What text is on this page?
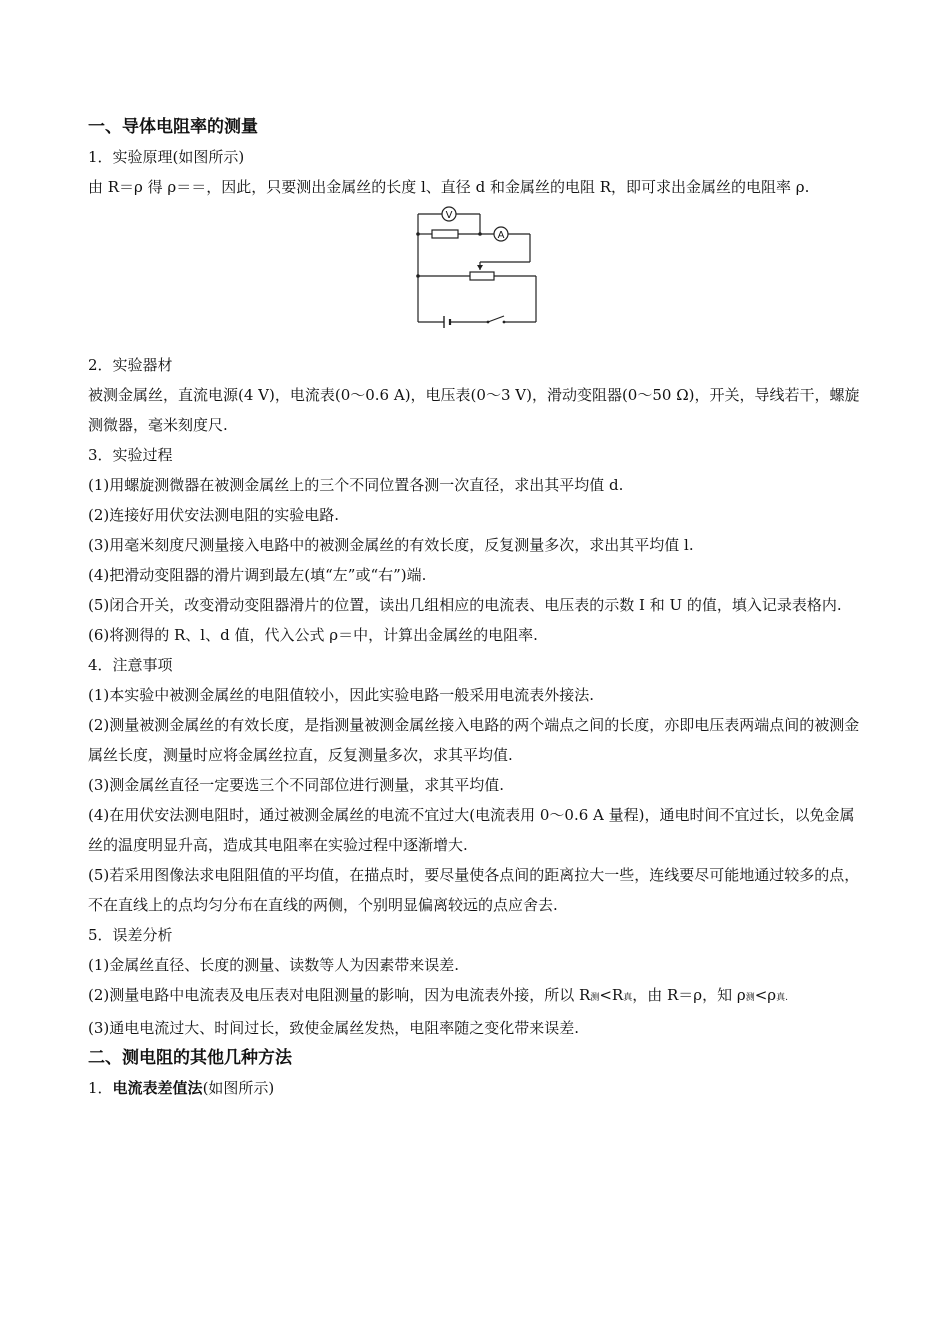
一、导体电阻率的测量

1．实验原理(如图所示)

由 R＝ρ 得 ρ＝＝，因此，只要测出金属丝的长度 l、直径 d 和金属丝的电阻 R，即可求出金属丝的电阻率 ρ.

V
A

2．实验器材

被测金属丝，直流电源(4 V)，电流表(0～0.6 A)，电压表(0～3 V)，滑动变阻器(0～50 Ω)，开关，导线若干，螺旋测微器，毫米刻度尺.

3．实验过程

(1)用螺旋测微器在被测金属丝上的三个不同位置各测一次直径，求出其平均值 d.

(2)连接好用伏安法测电阻的实验电路.

(3)用毫米刻度尺测量接入电路中的被测金属丝的有效长度，反复测量多次，求出其平均值 l.

(4)把滑动变阻器的滑片调到最左(填“左”或“右”)端.

(5)闭合开关，改变滑动变阻器滑片的位置，读出几组相应的电流表、电压表的示数 I 和 U 的值，填入记录表格内.

(6)将测得的 R、l、d 值，代入公式 ρ＝中，计算出金属丝的电阻率.

4．注意事项

(1)本实验中被测金属丝的电阻值较小，因此实验电路一般采用电流表外接法.

(2)测量被测金属丝的有效长度，是指测量被测金属丝接入电路的两个端点之间的长度，亦即电压表两端点间的被测金属丝长度，测量时应将金属丝拉直，反复测量多次，求其平均值.

(3)测金属丝直径一定要选三个不同部位进行测量，求其平均值.

(4)在用伏安法测电阻时，通过被测金属丝的电流不宜过大(电流表用 0～0.6 A 量程)，通电时间不宜过长，以免金属丝的温度明显升高，造成其电阻率在实验过程中逐渐增大.

(5)若采用图像法求电阻阻值的平均值，在描点时，要尽量使各点间的距离拉大一些，连线要尽可能地通过较多的点，不在直线上的点均匀分布在直线的两侧，个别明显偏离较远的点应舍去.

5．误差分析

(1)金属丝直径、长度的测量、读数等人为因素带来误差.

(2)测量电路中电流表及电压表对电阻测量的影响，因为电流表外接，所以 R测<R真，由 R＝ρ，知 ρ测<ρ真.

(3)通电电流过大、时间过长，致使金属丝发热，电阻率随之变化带来误差.

二、测电阻的其他几种方法

1．电流表差值法(如图所示)
